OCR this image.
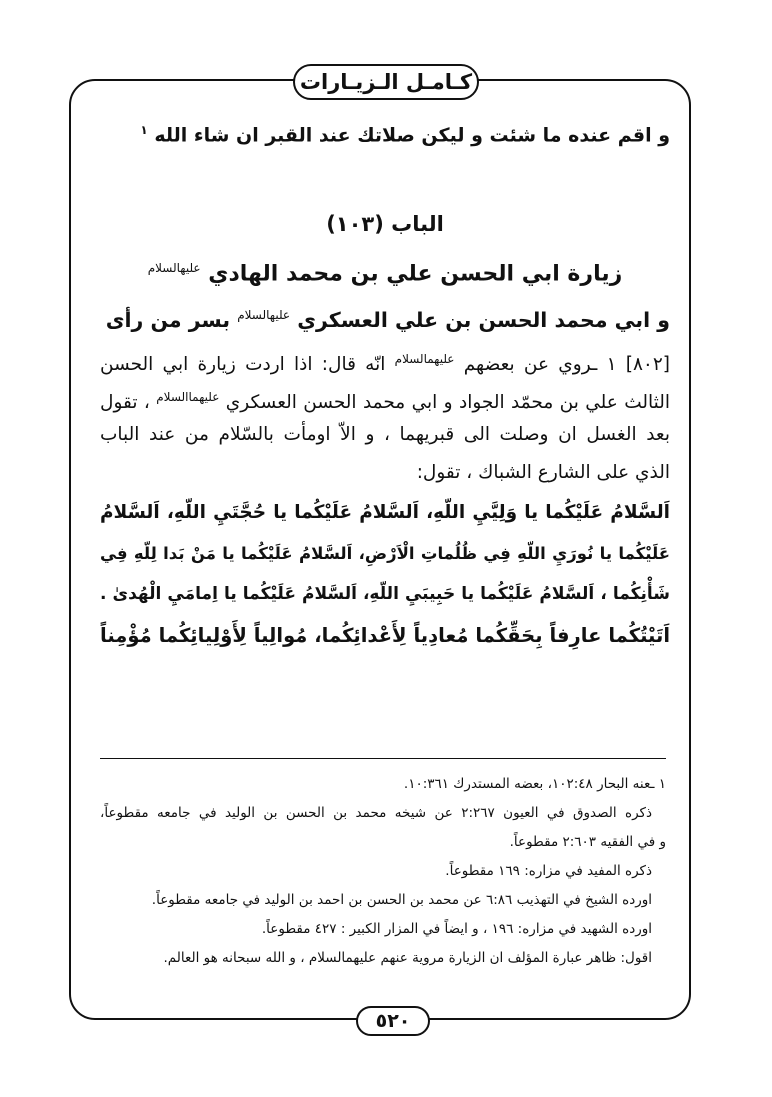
كـامـل الـزيـارات
و اقم عنده ما شئت و ليكن صلاتك عند القبر ان شاء الله $^١$
الباب (١٠٣)
زيارة ابي الحسن علي بن محمد الهادي $^{عليهالسلام}$
و ابي محمد الحسن بن علي العسكري $^{عليهالسلام}$ بسر من رأى
[٨٠٢] ١ ـروي عن بعضهم $^{عليهمالسلام}$ انّه قال: اذا اردت زيارة ابي الحسن
الثالث علي بن محمّد الجواد و ابي محمد الحسن العسكري $^{عليهماالسلام}$ ، تقول
بعد الغسل ان وصلت الى قبريهما ، و الاّ اومأت بالسّلام من عند الباب
الذي على الشارع الشباك ، تقول:
اَلسَّلامُ عَلَيْكُما يا وَلِيَّيِ اللّهِ، اَلسَّلامُ عَلَيْكُما يا حُجَّتَيِ اللّهِ، اَلسَّلامُ
عَلَيْكُما يا نُورَيِ اللّهِ فِي ظُلُماتِ الْاَرْضِ، اَلسَّلامُ عَلَيْكُما يا مَنْ بَدا لِلّهِ فِي
شَأْنِكُما ، اَلسَّلامُ عَلَيْكُما يا حَبِيبَيِ اللّهِ، اَلسَّلامُ عَلَيْكُما يا اِمامَيِ الْهُدىٰ .
اَتَيْتُكُما عارِفاً بِحَقِّكُما مُعادِياً لِأَعْدائِكُما، مُوالِياً لِأَوْلِيائِكُما مُؤْمِناً
١ ـعنه البحار ١٠٢:٤٨، بعضه المستدرك ١٠:٣٦١.
ذكره الصدوق في العيون ٢:٢٦٧ عن شيخه محمد بن الحسن بن الوليد في جامعه مقطوعاً،
و في الفقيه ٢:٦٠٣ مقطوعاً.
ذكره المفيد في مزاره: ١٦٩ مقطوعاً.
اورده الشيخ في التهذيب ٦:٨٦ عن محمد بن الحسن بن احمد بن الوليد في جامعه مقطوعاً.
اورده الشهيد في مزاره: ١٩٦ ، و ايضاً في المزار الكبير : ٤٢٧ مقطوعاً.
اقول: ظاهر عبارة المؤلف ان الزيارة مروية عنهم عليهمالسلام ، و الله سبحانه هو العالم.
٥٢٠
